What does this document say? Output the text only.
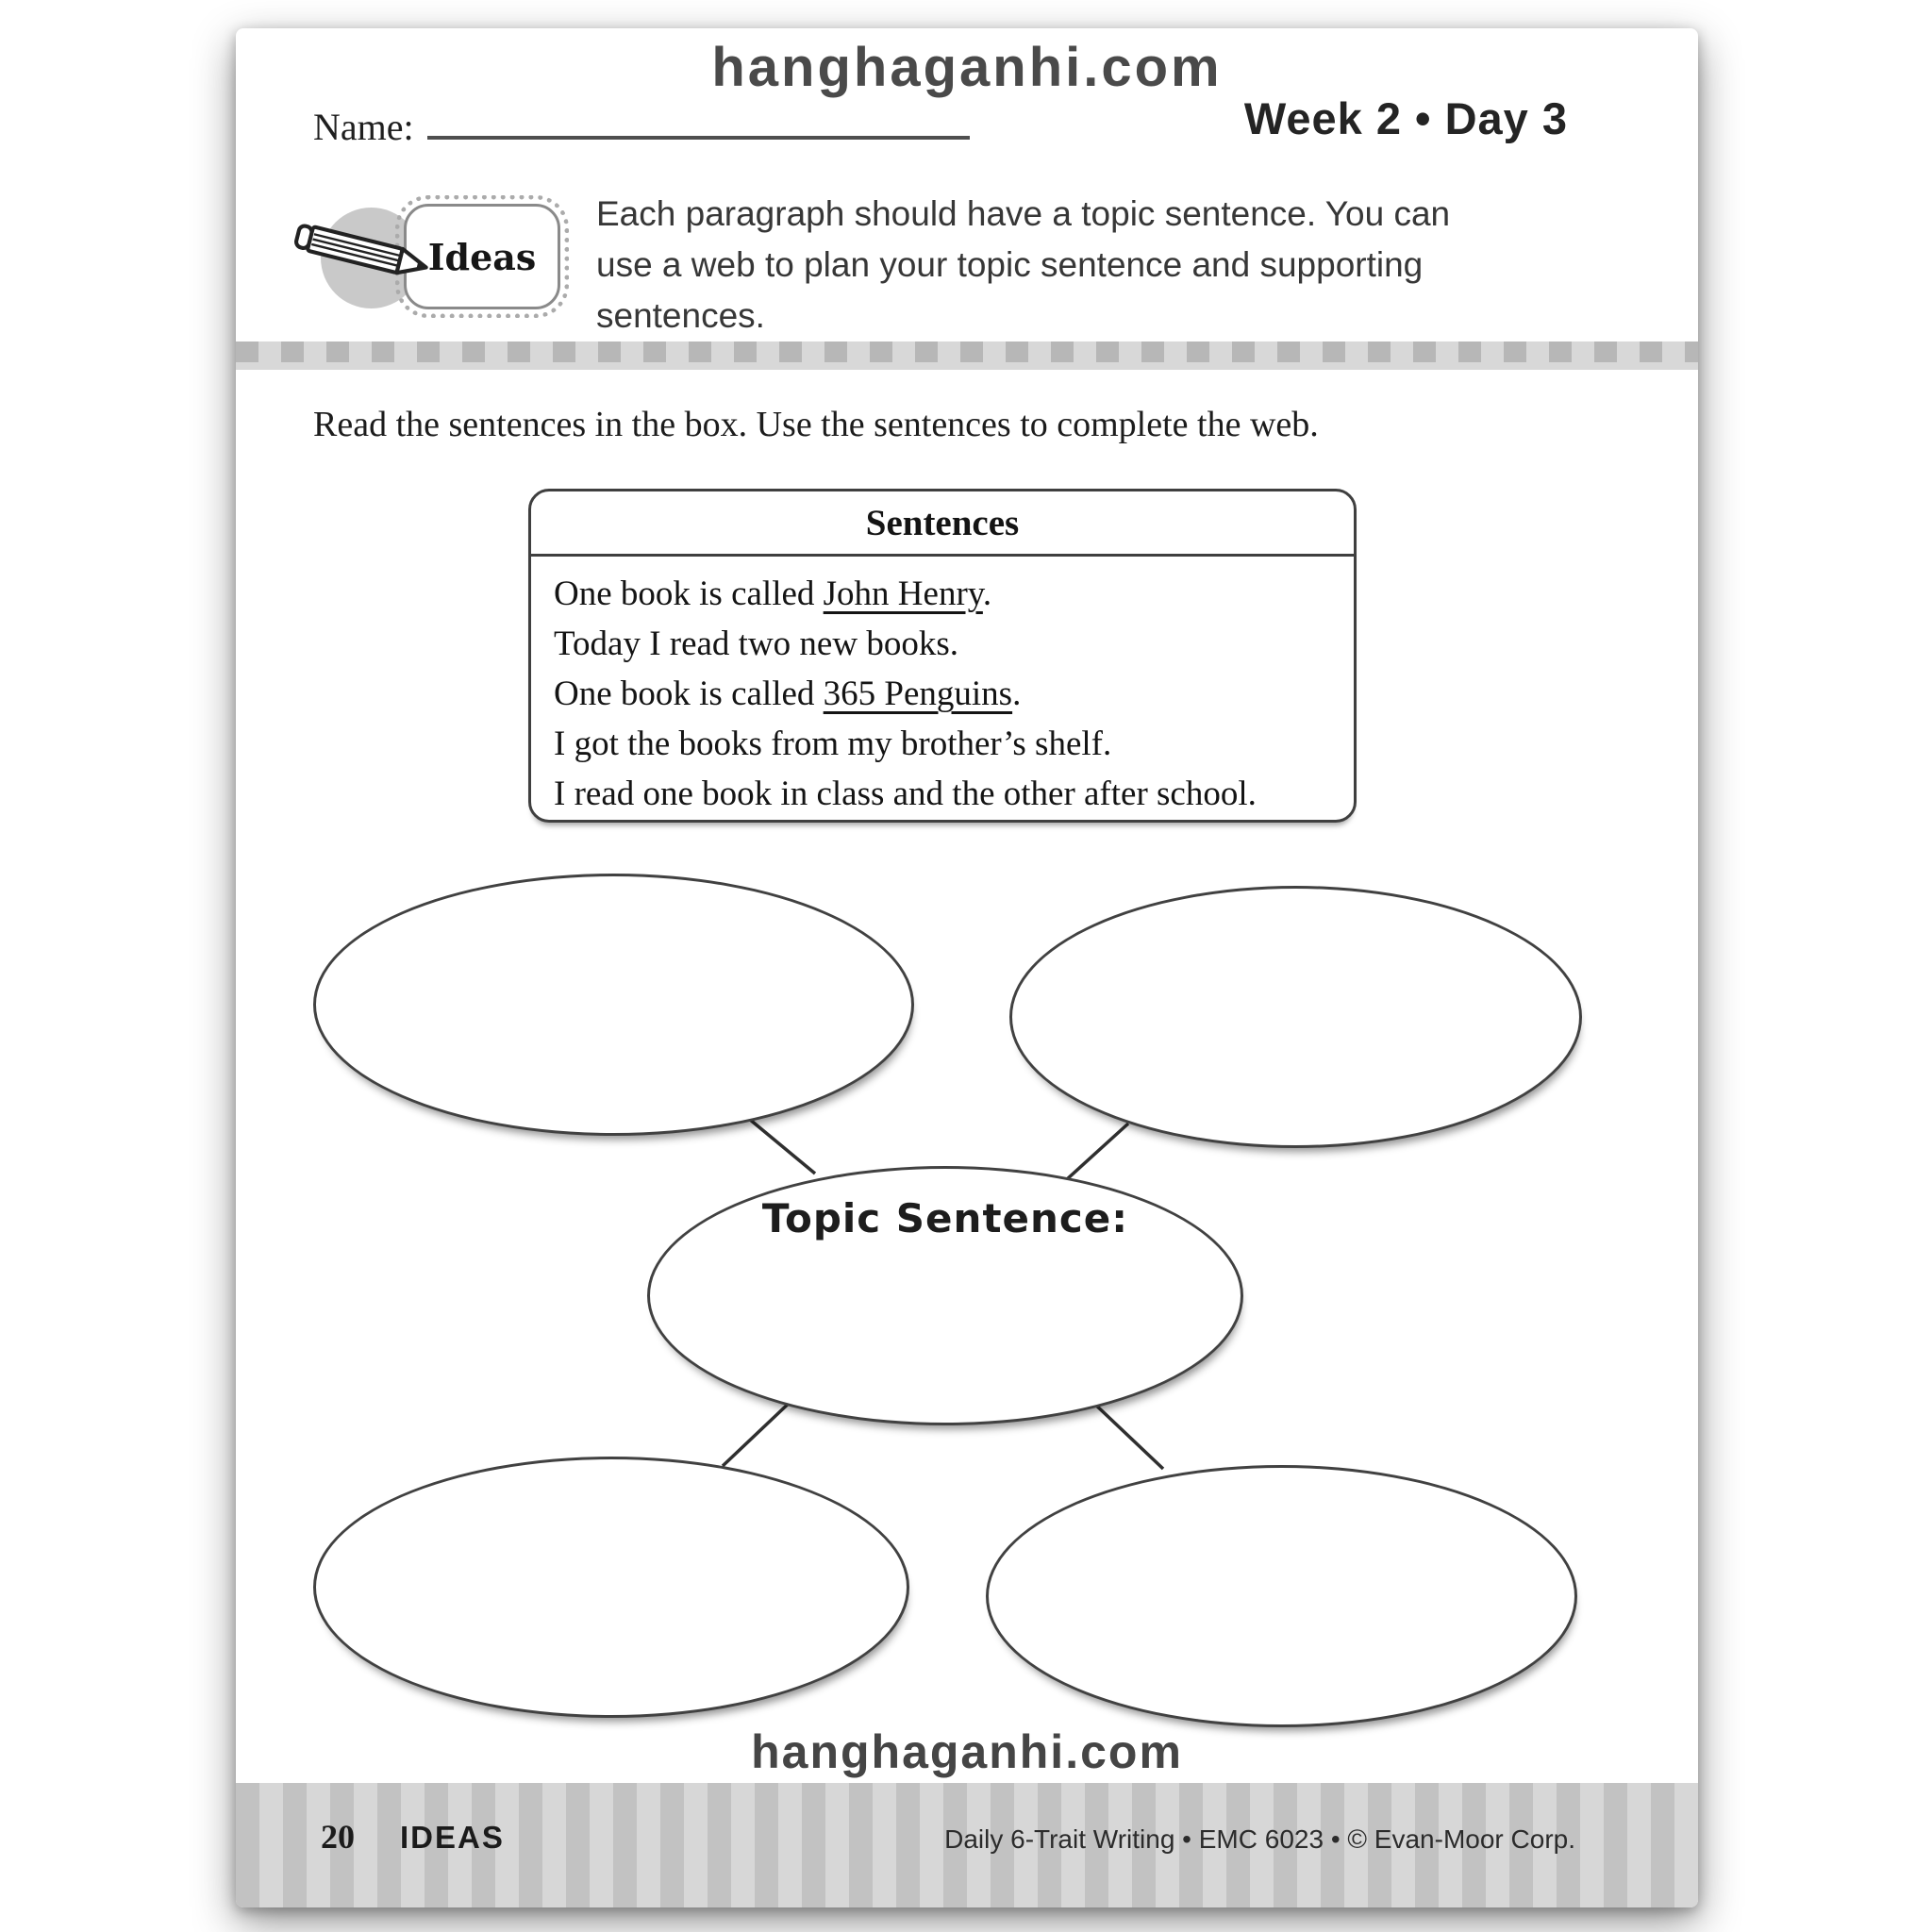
hanghaganhi.com
Name:	Week 2 • Day 3
Ideas
Each paragraph should have a topic sentence. You can
use a web to plan your topic sentence and supporting
sentences.
Read the sentences in the box. Use the sentences to complete the web.
Sentences
One book is called John Henry.
Today I read two new books.
One book is called 365 Penguins.
I got the books from my brother’s shelf.
I read one book in class and the other after school.
Topic Sentence:
hanghaganhi.com
20 IDEAS	Daily 6-Trait Writing • EMC 6023 • © Evan-Moor Corp.
